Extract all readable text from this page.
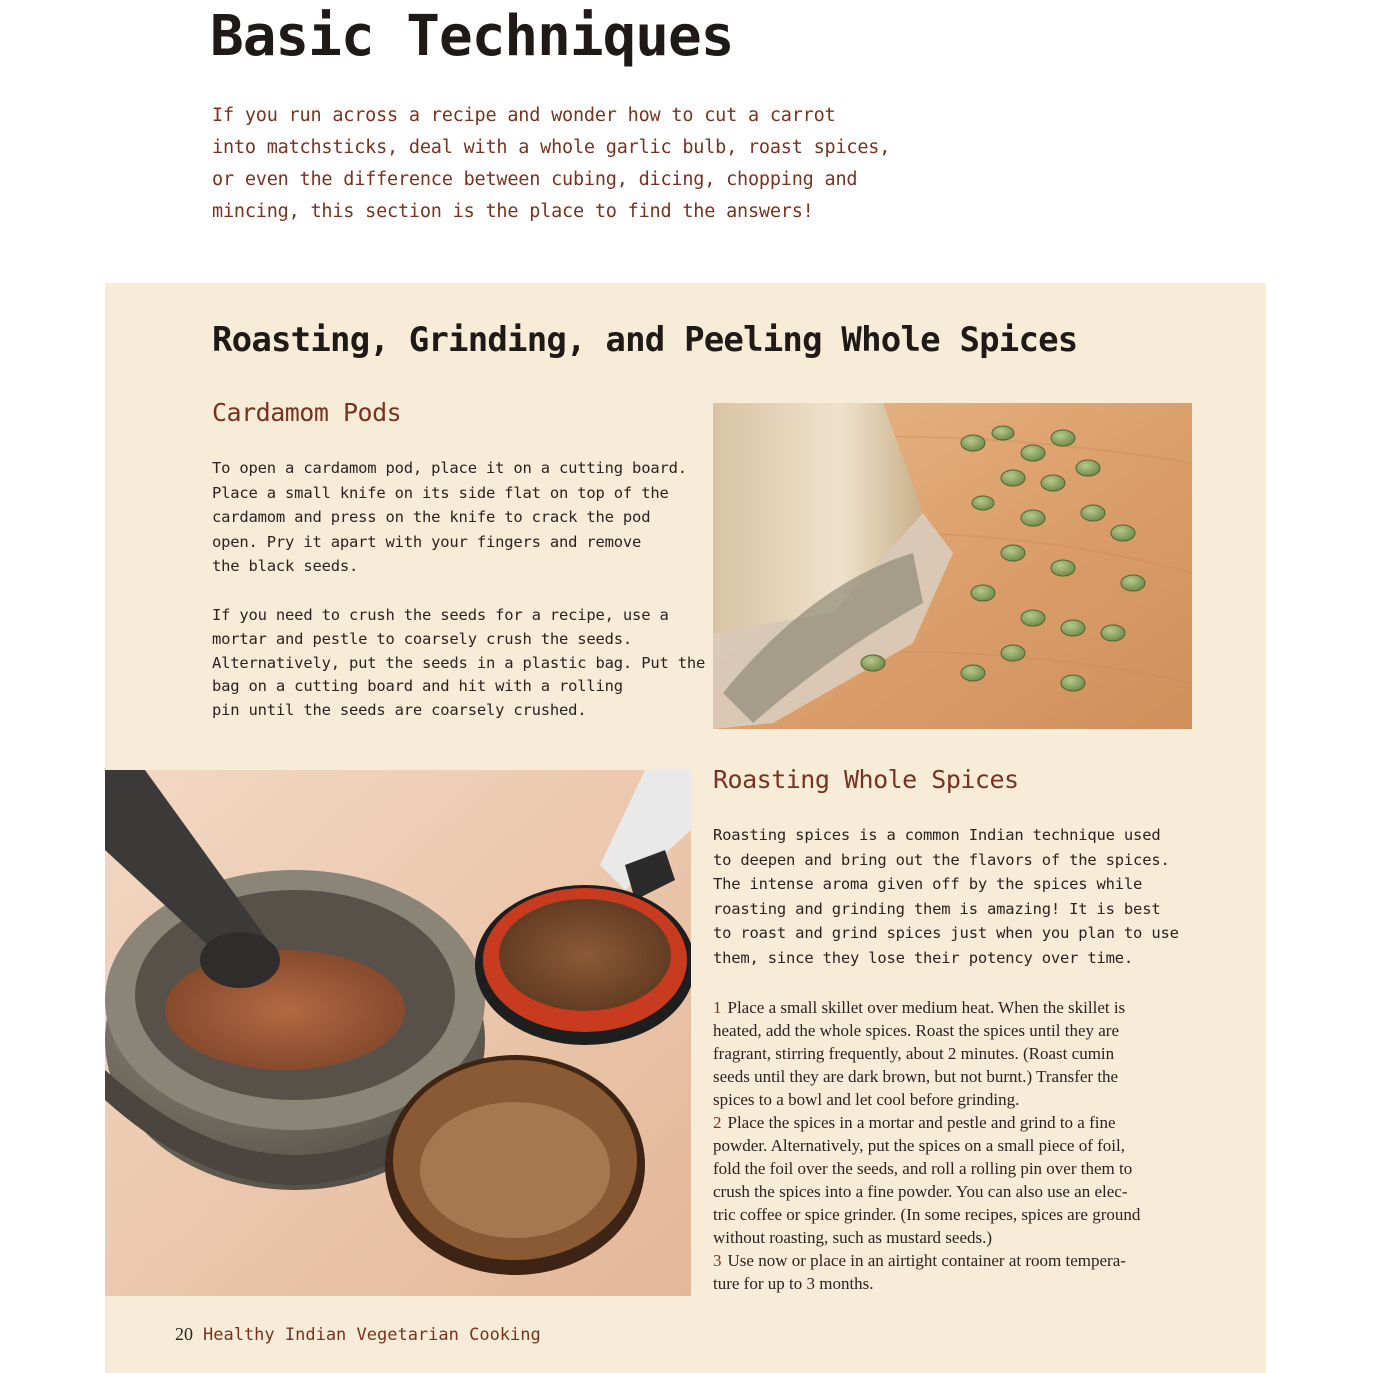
Basic Techniques
If you run across a recipe and wonder how to cut a carrot
into matchsticks, deal with a whole garlic bulb, roast spices,
or even the difference between cubing, dicing, chopping and
mincing, this section is the place to find the answers!
Roasting, Grinding, and Peeling Whole Spices
Cardamom Pods
To open a cardamom pod, place it on a cutting board.
Place a small knife on its side flat on top of the
cardamom and press on the knife to crack the pod
open. Pry it apart with your fingers and remove
the black seeds.
If you need to crush the seeds for a recipe, use a
mortar and pestle to coarsely crush the seeds.
Alternatively, put the seeds in a plastic bag. Put the
bag on a cutting board and hit with a rolling
pin until the seeds are coarsely crushed.
Roasting Whole Spices
Roasting spices is a common Indian technique used
to deepen and bring out the flavors of the spices.
The intense aroma given off by the spices while
roasting and grinding them is amazing! It is best
to roast and grind spices just when you plan to use
them, since they lose their potency over time.
1 Place a small skillet over medium heat. When the skillet is
heated, add the whole spices. Roast the spices until they are
fragrant, stirring frequently, about 2 minutes. (Roast cumin
seeds until they are dark brown, but not burnt.) Transfer the
spices to a bowl and let cool before grinding.
2 Place the spices in a mortar and pestle and grind to a fine
powder. Alternatively, put the spices on a small piece of foil,
fold the foil over the seeds, and roll a rolling pin over them to
crush the spices into a fine powder. You can also use an elec-
tric coffee or spice grinder. (In some recipes, spices are ground
without roasting, such as mustard seeds.)
3 Use now or place in an airtight container at room tempera-
ture for up to 3 months.
20 Healthy Indian Vegetarian Cooking
